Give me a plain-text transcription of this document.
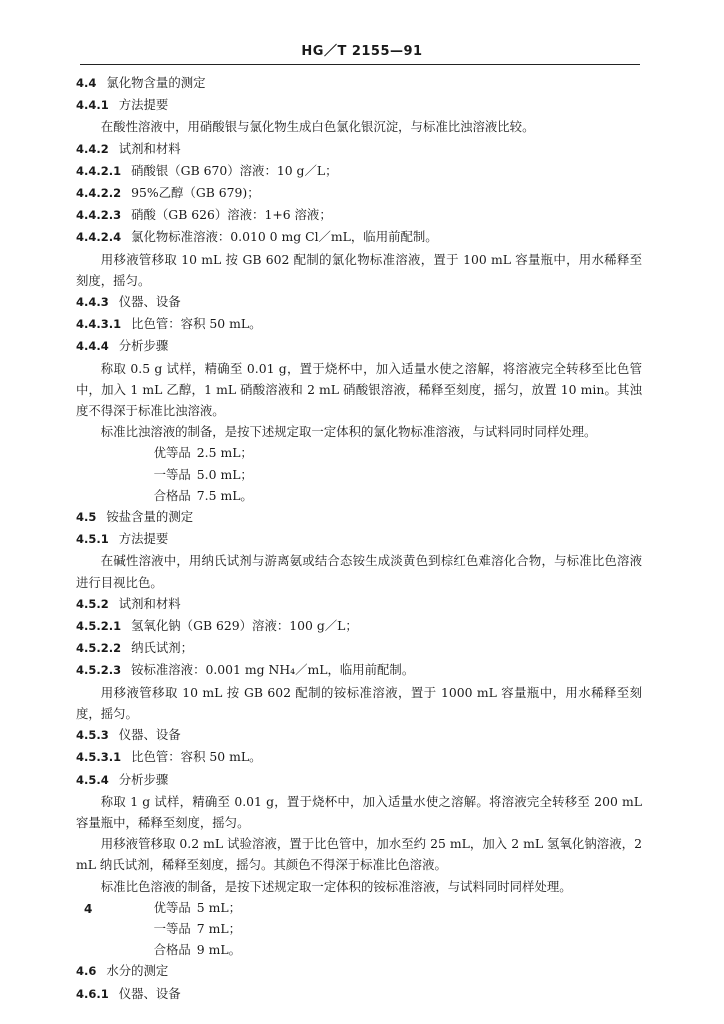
HG／T 2155—91
4.4 氯化物含量的测定
4.4.1 方法提要
在酸性溶液中，用硝酸银与氯化物生成白色氯化银沉淀，与标准比浊溶液比较。
4.4.2 试剂和材料
4.4.2.1 硝酸银（GB 670）溶液：10 g／L；
4.4.2.2 95%乙醇（GB 679)；
4.4.2.3 硝酸（GB 626）溶液：1+6 溶液；
4.4.2.4 氯化物标准溶液：0.010 0 mg Cl／mL，临用前配制。
用移液管移取 10 mL 按 GB 602 配制的氯化物标准溶液，置于 100 mL 容量瓶中，用水稀释至刻度，摇匀。
4.4.3 仪器、设备
4.4.3.1 比色管：容积 50 mL。
4.4.4 分析步骤
称取 0.5 g 试样，精确至 0.01 g，置于烧杯中，加入适量水使之溶解，将溶液完全转移至比色管中，加入 1 mL 乙醇，1 mL 硝酸溶液和 2 mL 硝酸银溶液，稀释至刻度，摇匀，放置 10 min。其浊度不得深于标准比浊溶液。
标准比浊溶液的制备，是按下述规定取一定体积的氯化物标准溶液，与试料同时同样处理。
优等品 2.5 mL；
一等品 5.0 mL；
合格品 7.5 mL。
4.5 铵盐含量的测定
4.5.1 方法提要
在碱性溶液中，用纳氏试剂与游离氨或结合态铵生成淡黄色到棕红色难溶化合物，与标准比色溶液进行目视比色。
4.5.2 试剂和材料
4.5.2.1 氢氧化钠（GB 629）溶液：100 g／L；
4.5.2.2 纳氏试剂；
4.5.2.3 铵标准溶液：0.001 mg NH₄／mL，临用前配制。
用移液管移取 10 mL 按 GB 602 配制的铵标准溶液，置于 1000 mL 容量瓶中，用水稀释至刻度，摇匀。
4.5.3 仪器、设备
4.5.3.1 比色管：容积 50 mL。
4.5.4 分析步骤
称取 1 g 试样，精确至 0.01 g，置于烧杯中，加入适量水使之溶解。将溶液完全转移至 200 mL 容量瓶中，稀释至刻度，摇匀。
用移液管移取 0.2 mL 试验溶液，置于比色管中，加水至约 25 mL，加入 2 mL 氢氧化钠溶液，2 mL 纳氏试剂，稀释至刻度，摇匀。其颜色不得深于标准比色溶液。
标准比色溶液的制备，是按下述规定取一定体积的铵标准溶液，与试料同时同样处理。
优等品 5 mL；
一等品 7 mL；
合格品 9 mL。
4.6 水分的测定
4.6.1 仪器、设备
4
